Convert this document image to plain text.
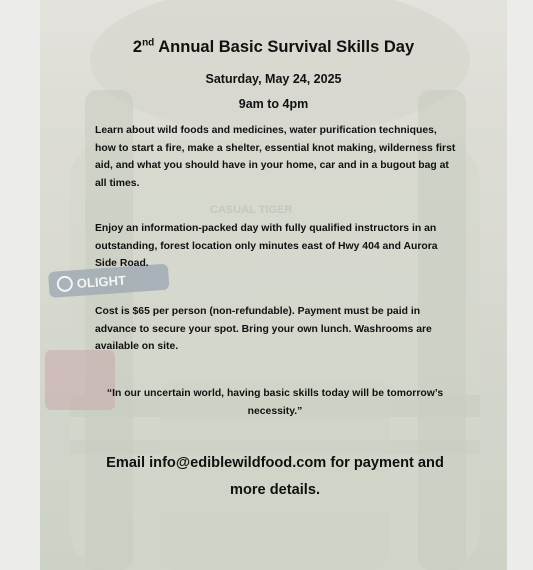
OLIGHT
CASUAL TIGER
2nd Annual Basic Survival Skills Day
Saturday, May 24, 2025
9am to 4pm
Learn about wild foods and medicines, water purification techniques, how to start a fire, make a shelter, essential knot making, wilderness first aid, and what you should have in your home, car and in a bugout bag at all times.
Enjoy an information-packed day with fully qualified instructors in an outstanding, forest location only minutes east of Hwy 404 and Aurora Side Road.
Cost is $65 per person (non-refundable). Payment must be paid in advance to secure your spot. Bring your own lunch. Washrooms are available on site.
“In our uncertain world, having basic skills today will be tomorrow’s necessity.”
Email info@ediblewildfood.com for payment and more details.
